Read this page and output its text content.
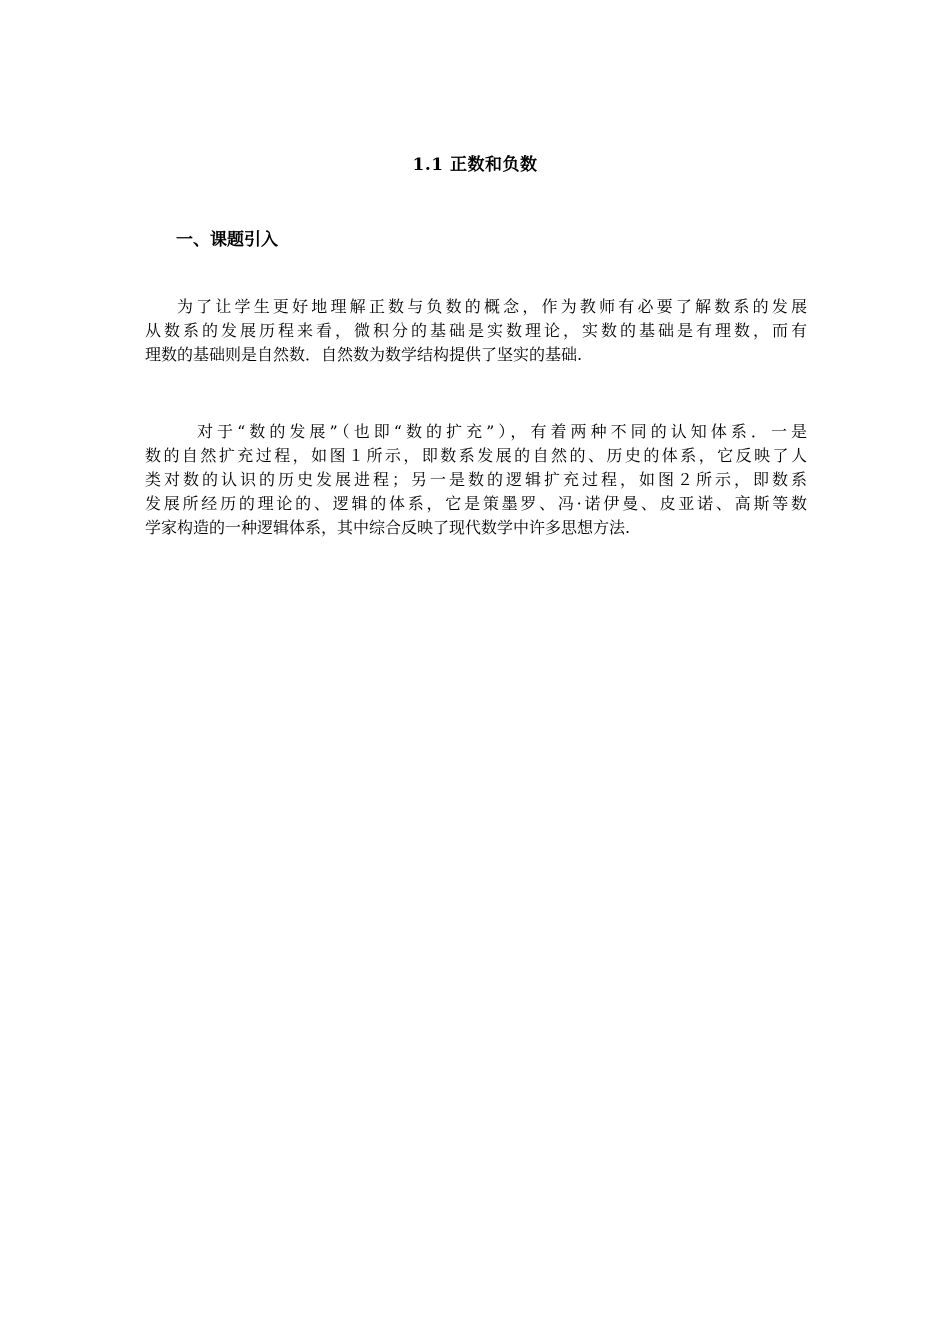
1.1 正数和负数
一、课题引入
为了让学生更好地理解正数与负数的概念，作为教师有必要了解数系的发展
从数系的发展历程来看，微积分的基础是实数理论，实数的基础是有理数，而有
理数的基础则是自然数．自然数为数学结构提供了坚实的基础.
对于“数的发展”（也即“数的扩充”），有着两种不同的认知体系．一是
数的自然扩充过程，如图１所示，即数系发展的自然的、历史的体系，它反映了人
类对数的认识的历史发展进程；另一是数的逻辑扩充过程，如图２所示，即数系
发展所经历的理论的、逻辑的体系，它是策墨罗、冯·诺伊曼、皮亚诺、高斯等数
学家构造的一种逻辑体系，其中综合反映了现代数学中许多思想方法.
